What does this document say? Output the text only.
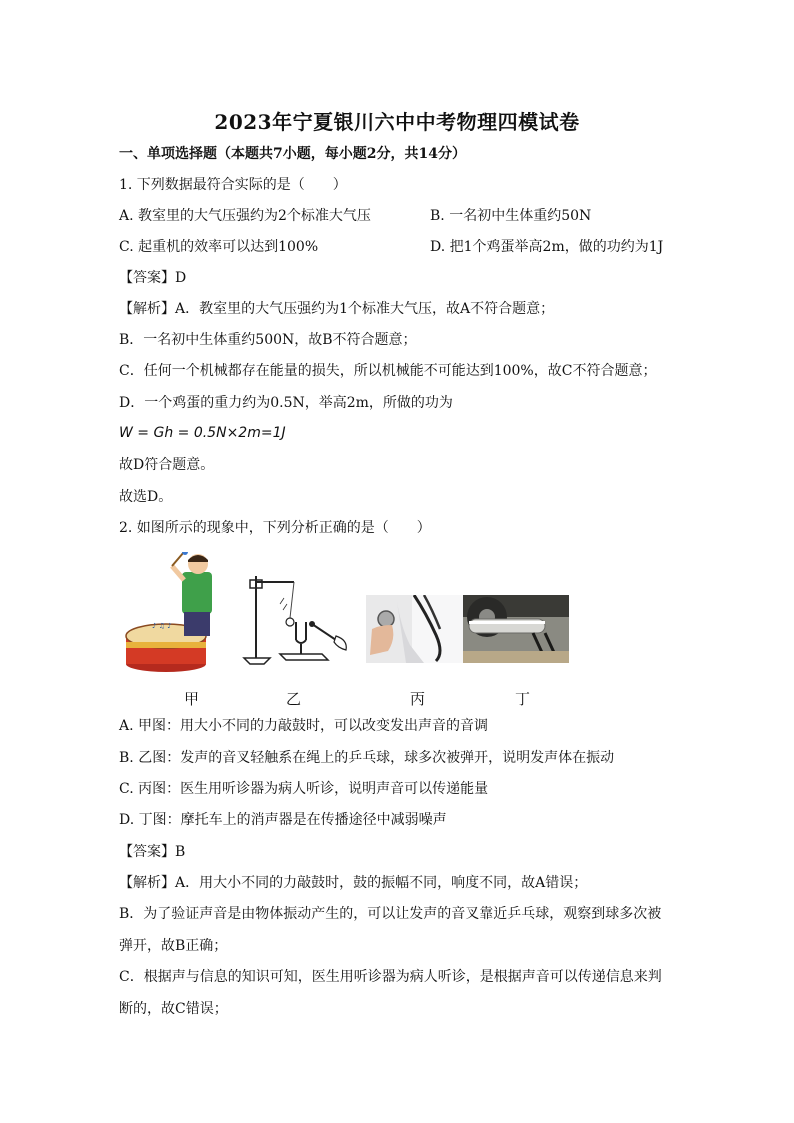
2023年宁夏银川六中中考物理四模试卷
一、单项选择题（本题共7小题，每小题2分，共14分）
1. 下列数据最符合实际的是（　　）
A. 教室里的大气压强约为2个标准大气压	B. 一名初中生体重约50N
C. 起重机的效率可以达到100%	D. 把1个鸡蛋举高2m，做的功约为1J
【答案】D
【解析】A．教室里的大气压强约为1个标准大气压，故A不符合题意；
B．一名初中生体重约500N，故B不符合题意；
C．任何一个机械都存在能量的损失，所以机械能不可能达到100%，故C不符合题意；
D．一个鸡蛋的重力约为0.5N，举高2m，所做的功为
W = Gh = 0.5N×2m=1J
故D符合题意。
故选D。
2. 如图所示的现象中，下列分析正确的是（　　）
♪ ♫ ♪
甲	乙	丙	丁
A. 甲图：用大小不同的力敲鼓时，可以改变发出声音的音调
B. 乙图：发声的音叉轻触系在绳上的乒乓球，球多次被弹开，说明发声体在振动
C. 丙图：医生用听诊器为病人听诊，说明声音可以传递能量
D. 丁图：摩托车上的消声器是在传播途径中减弱噪声
【答案】B
【解析】A．用大小不同的力敲鼓时，鼓的振幅不同，响度不同，故A错误；
B．为了验证声音是由物体振动产生的，可以让发声的音叉靠近乒乓球，观察到球多次被
弹开，故B正确；
C．根据声与信息的知识可知，医生用听诊器为病人听诊，是根据声音可以传递信息来判
断的，故C错误；
